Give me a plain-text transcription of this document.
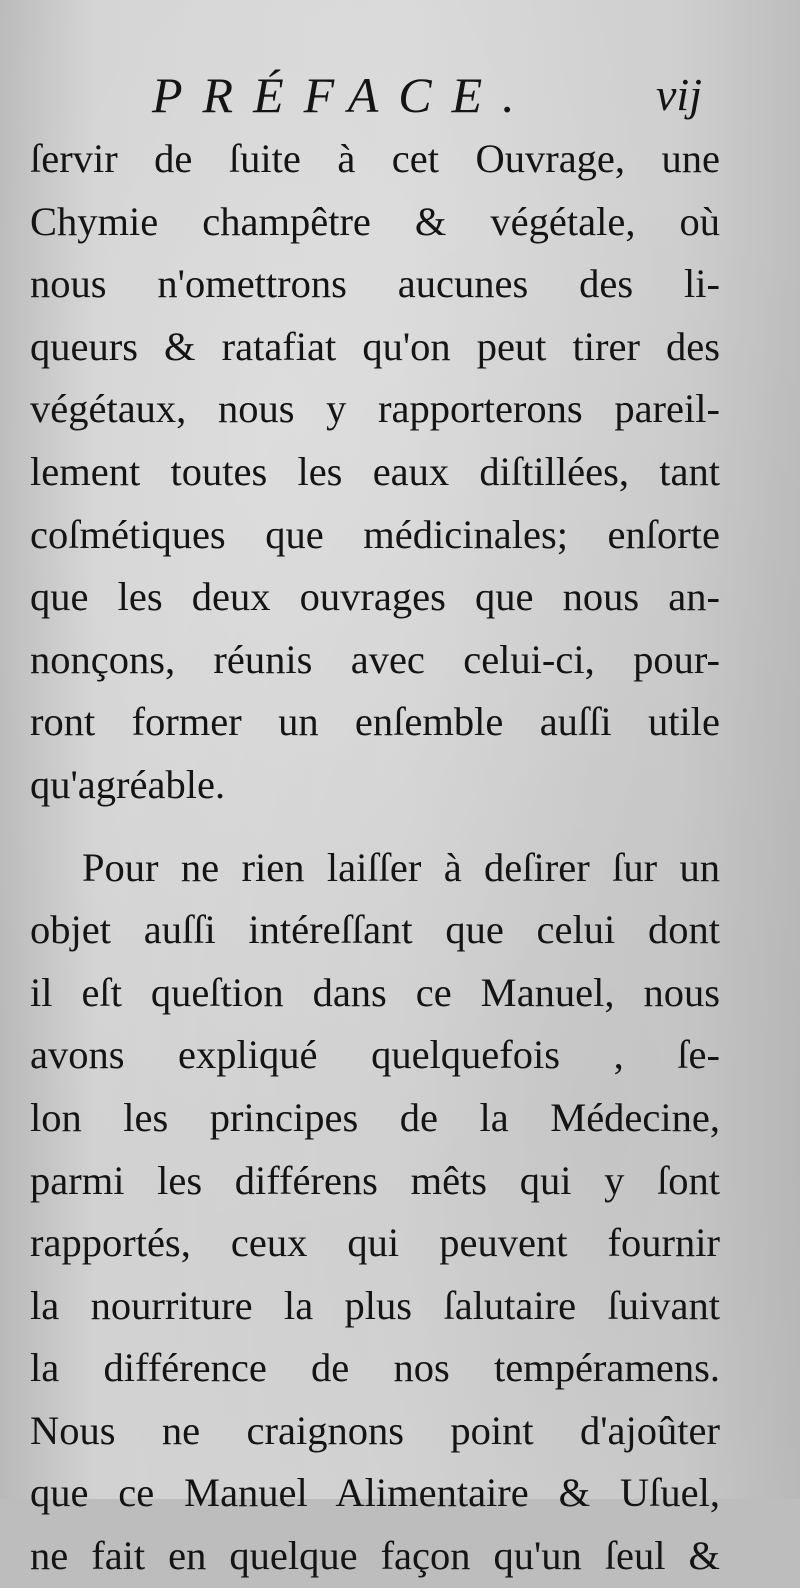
PRÉFACE.	vij
ſervir de ſuite à cet Ouvrage, une
Chymie champêtre & végétale, où
nous n'omettrons aucunes des li-
queurs & ratafiat qu'on peut tirer des
végétaux, nous y rapporterons pareil-
lement toutes les eaux diſtillées, tant
coſmétiques que médicinales; enſorte
que les deux ouvrages que nous an-
nonçons, réunis avec celui-ci, pour-
ront former un enſemble auſſi utile
qu'agréable.
Pour ne rien laiſſer à deſirer ſur un
objet auſſi intéreſſant que celui dont
il eſt queſtion dans ce Manuel, nous
avons expliqué quelquefois , ſe-
lon les principes de la Médecine,
parmi les différens mêts qui y ſont
rapportés, ceux qui peuvent fournir
la nourriture la plus ſalutaire ſuivant
la différence de nos tempéramens.
Nous ne craignons point d'ajoûter
que ce Manuel Alimentaire & Uſuel,
ne fait en quelque façon qu'un ſeul &
